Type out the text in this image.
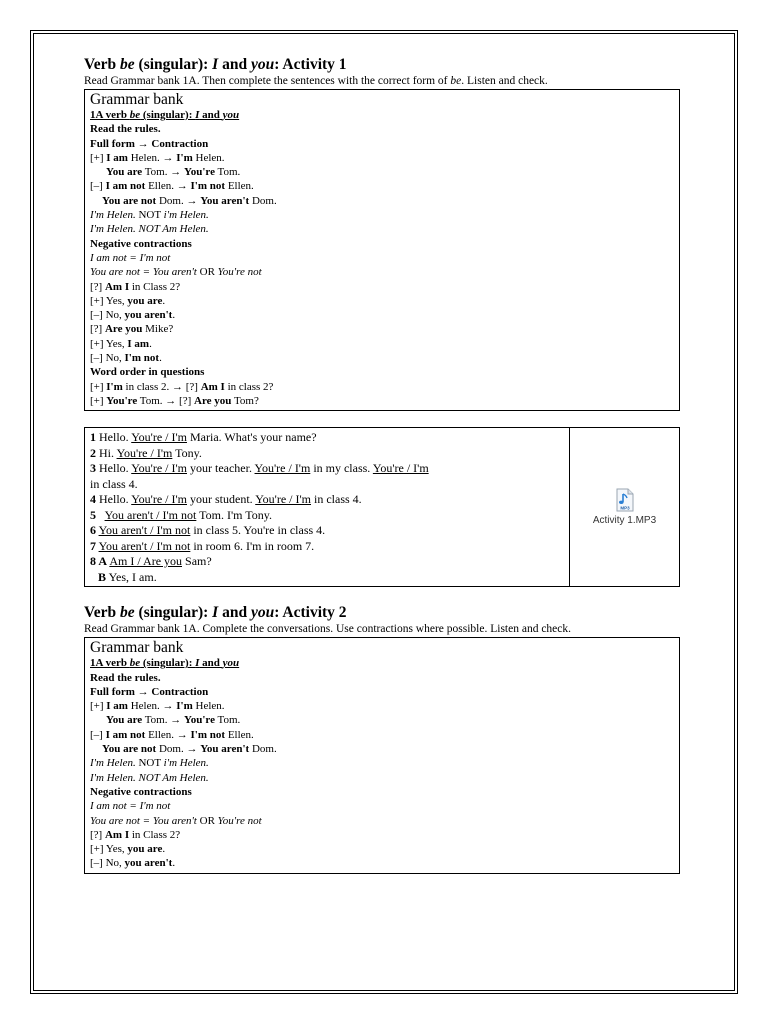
Verb be (singular): I and you: Activity 1

Read Grammar bank 1A. Then complete the sentences with the correct form of be. Listen and check.

Grammar bank
1A verb be (singular): I and you
Read the rules.
Full form → Contraction
[+] I am Helen. → I'm Helen.
You are Tom. → You're Tom.
[–] I am not Ellen. → I'm not Ellen.
You are not Dom. → You aren't Dom.
I'm Helen. NOT i'm Helen.
I'm Helen. NOT Am Helen.
Negative contractions
I am not = I'm not
You are not = You aren't OR You're not
[?] Am I in Class 2?
[+] Yes, you are.
[–] No, you aren't.
[?] Are you Mike?
[+] Yes, I am.
[–] No, I'm not.
Word order in questions
[+] I'm in class 2. → [?] Am I in class 2?
[+] You're Tom. → [?] Are you Tom?
1 Hello. You're / I'm Maria. What's your name?
2 Hi. You're / I'm Tony.
3 Hello. You're / I'm your teacher. You're / I'm in my class. You're / I'm
in class 4.
4 Hello. You're / I'm your student. You're / I'm in class 4.
5 You aren't / I'm not Tom. I'm Tony.
6 You aren't / I'm not in class 5. You're in class 4.
7 You aren't / I'm not in room 6. I'm in room 7.
8 A Am I / Are you Sam?
B Yes, I am.
MP3
Activity 1.MP3

Verb be (singular): I and you: Activity 2

Read Grammar bank 1A. Complete the conversations. Use contractions where possible. Listen and check.

Grammar bank
1A verb be (singular): I and you
Read the rules.
Full form → Contraction
[+] I am Helen. → I'm Helen.
You are Tom. → You're Tom.
[–] I am not Ellen. → I'm not Ellen.
You are not Dom. → You aren't Dom.
I'm Helen. NOT i'm Helen.
I'm Helen. NOT Am Helen.
Negative contractions
I am not = I'm not
You are not = You aren't OR You're not
[?] Am I in Class 2?
[+] Yes, you are.
[–] No, you aren't.
